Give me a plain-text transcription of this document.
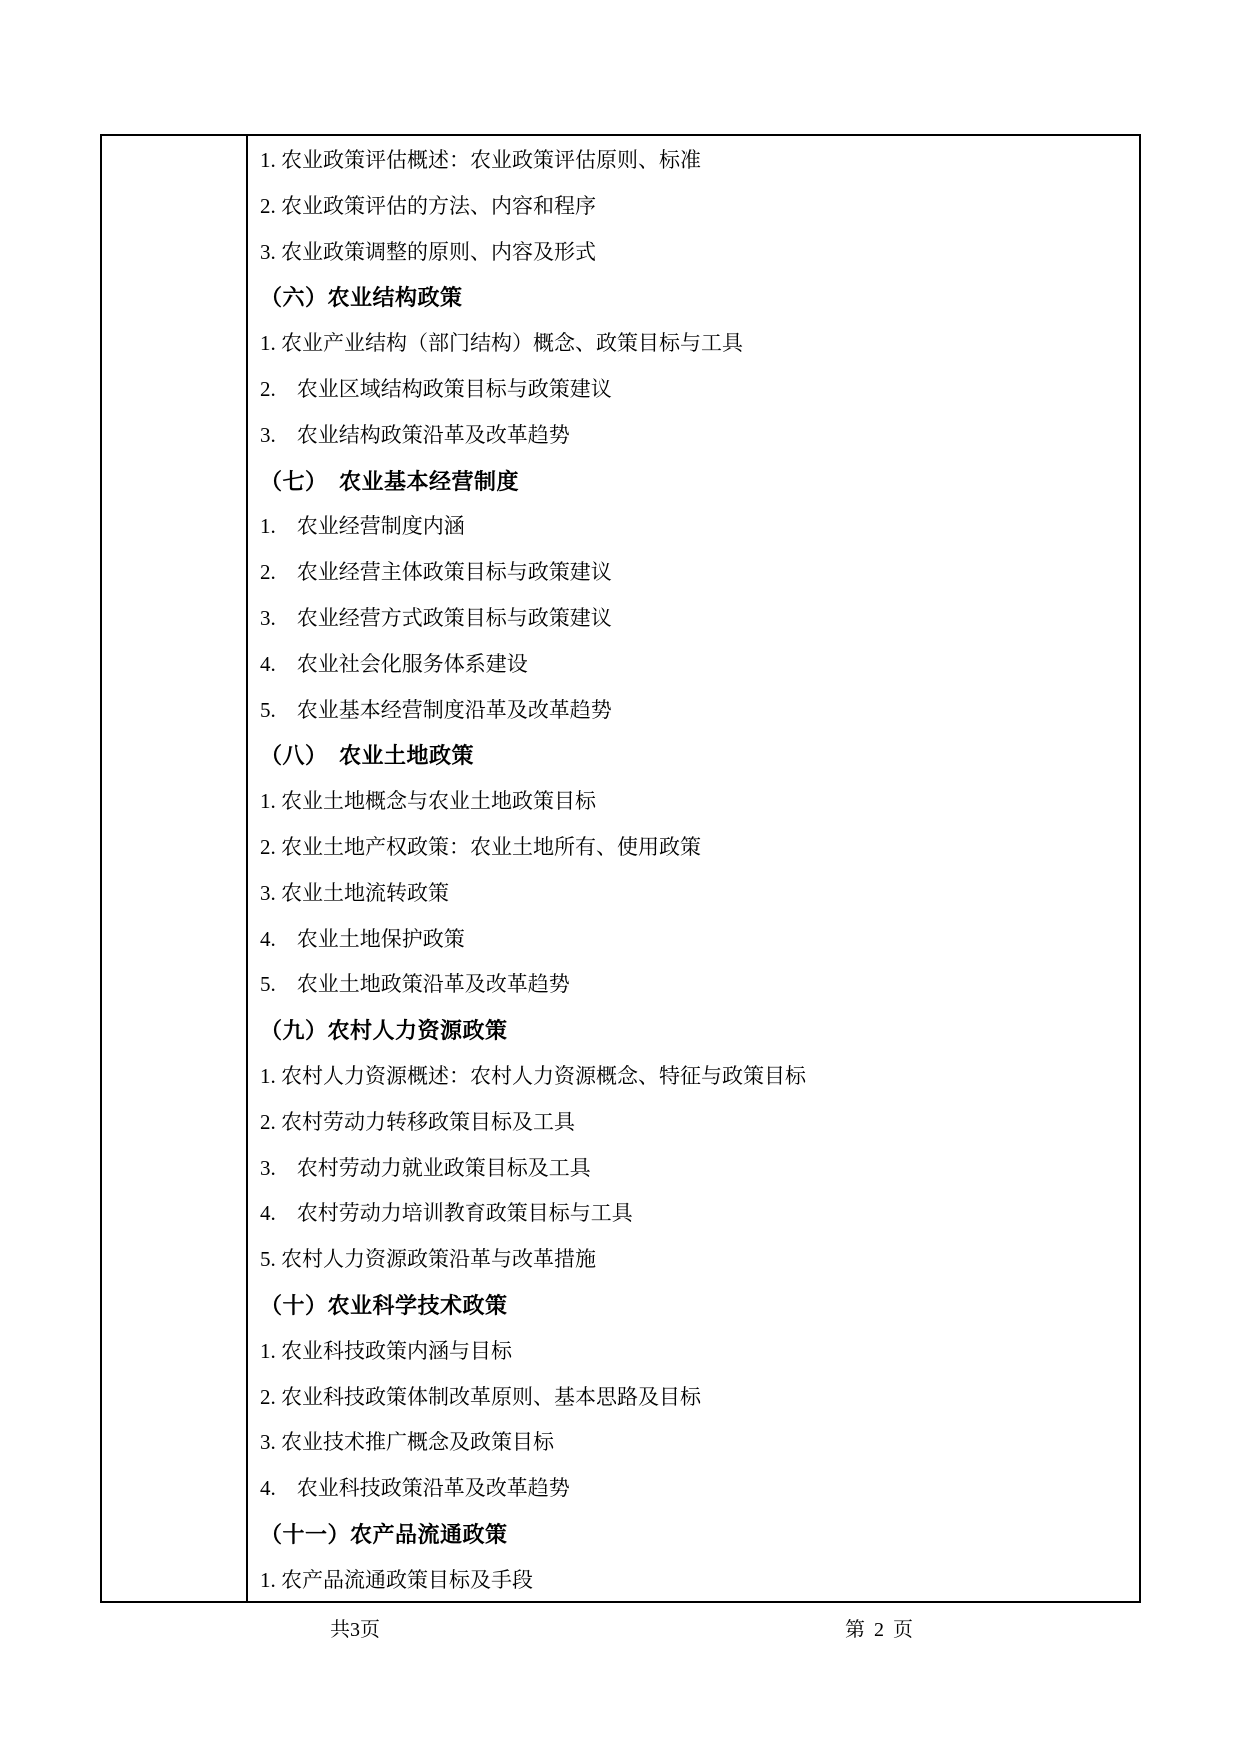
1. 农业政策评估概述：农业政策评估原则、标准
2. 农业政策评估的方法、内容和程序
3. 农业政策调整的原则、内容及形式
（六）农业结构政策
1. 农业产业结构（部门结构）概念、政策目标与工具
2.　农业区域结构政策目标与政策建议
3.　农业结构政策沿革及改革趋势
（七）　农业基本经营制度
1.　农业经营制度内涵
2.　农业经营主体政策目标与政策建议
3.　农业经营方式政策目标与政策建议
4.　农业社会化服务体系建设
5.　农业基本经营制度沿革及改革趋势
（八）　农业土地政策
1. 农业土地概念与农业土地政策目标
2. 农业土地产权政策：农业土地所有、使用政策
3. 农业土地流转政策
4.　农业土地保护政策
5.　农业土地政策沿革及改革趋势
（九）农村人力资源政策
1. 农村人力资源概述：农村人力资源概念、特征与政策目标
2. 农村劳动力转移政策目标及工具
3.　农村劳动力就业政策目标及工具
4.　农村劳动力培训教育政策目标与工具
5. 农村人力资源政策沿革与改革措施
（十）农业科学技术政策
1. 农业科技政策内涵与目标
2. 农业科技政策体制改革原则、基本思路及目标
3. 农业技术推广概念及政策目标
4.　农业科技政策沿革及改革趋势
（十一）农产品流通政策
1. 农产品流通政策目标及手段
共3页	第 2 页
